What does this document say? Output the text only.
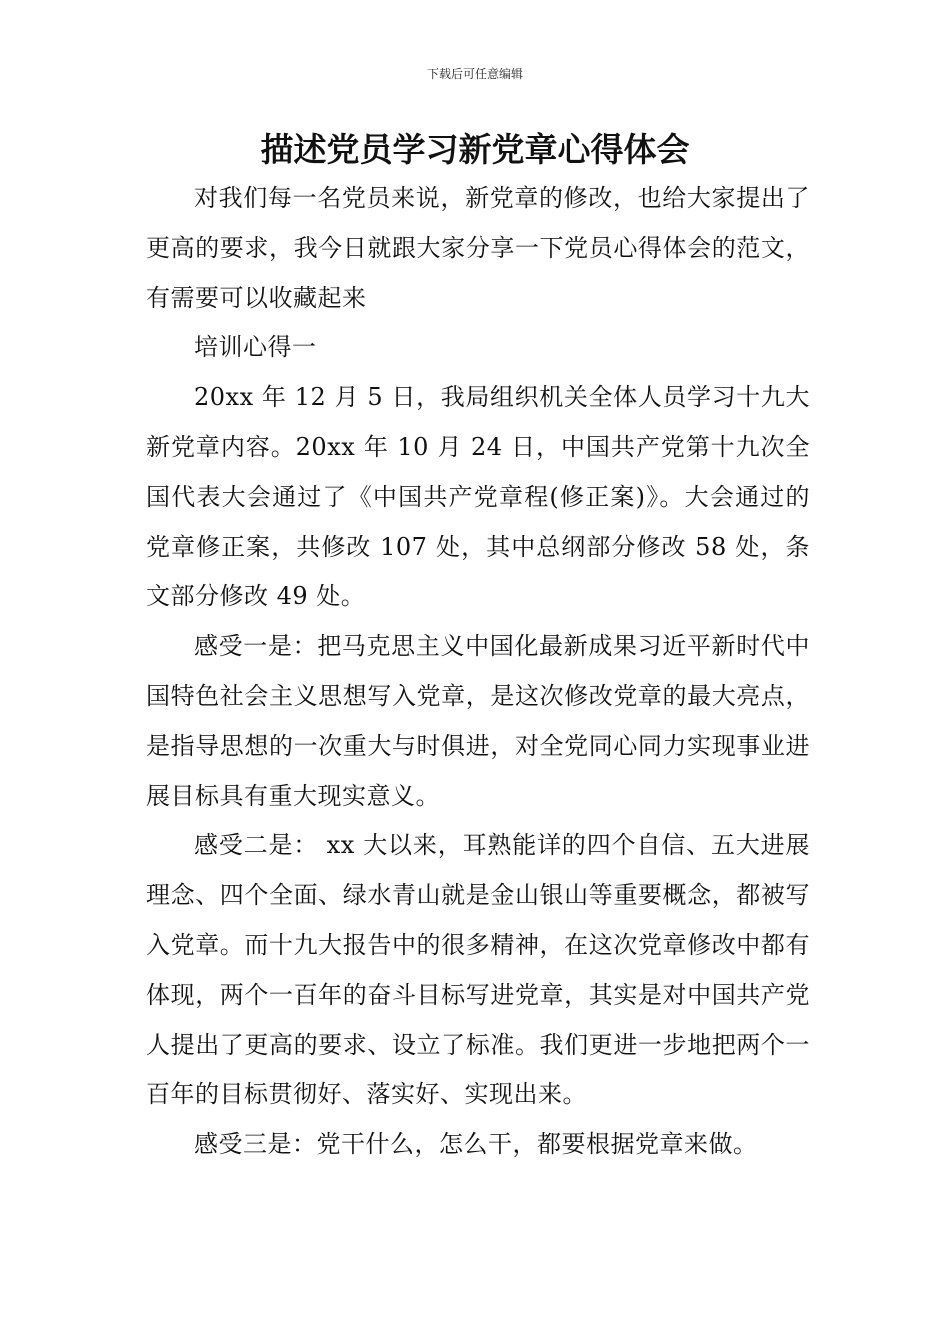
下载后可任意编辑
描述党员学习新党章心得体会

对我们每一名党员来说，新党章的修改，也给大家提出了更高的要求，我今日就跟大家分享一下党员心得体会的范文，有需要可以收藏起来

培训心得一

20xx 年 12 月 5 日，我局组织机关全体人员学习十九大新党章内容。20xx 年 10 月 24 日，中国共产党第十九次全国代表大会通过了《中国共产党章程(修正案)》。大会通过的党章修正案，共修改 107 处，其中总纲部分修改 58 处，条文部分修改 49 处。

感受一是：把马克思主义中国化最新成果习近平新时代中国特色社会主义思想写入党章，是这次修改党章的最大亮点，是指导思想的一次重大与时俱进，对全党同心同力实现事业进展目标具有重大现实意义。

感受二是： xx 大以来，耳熟能详的四个自信、五大进展理念、四个全面、绿水青山就是金山银山等重要概念，都被写入党章。而十九大报告中的很多精神，在这次党章修改中都有体现，两个一百年的奋斗目标写进党章，其实是对中国共产党人提出了更高的要求、设立了标准。我们更进一步地把两个一百年的目标贯彻好、落实好、实现出来。

感受三是：党干什么，怎么干，都要根据党章来做。
